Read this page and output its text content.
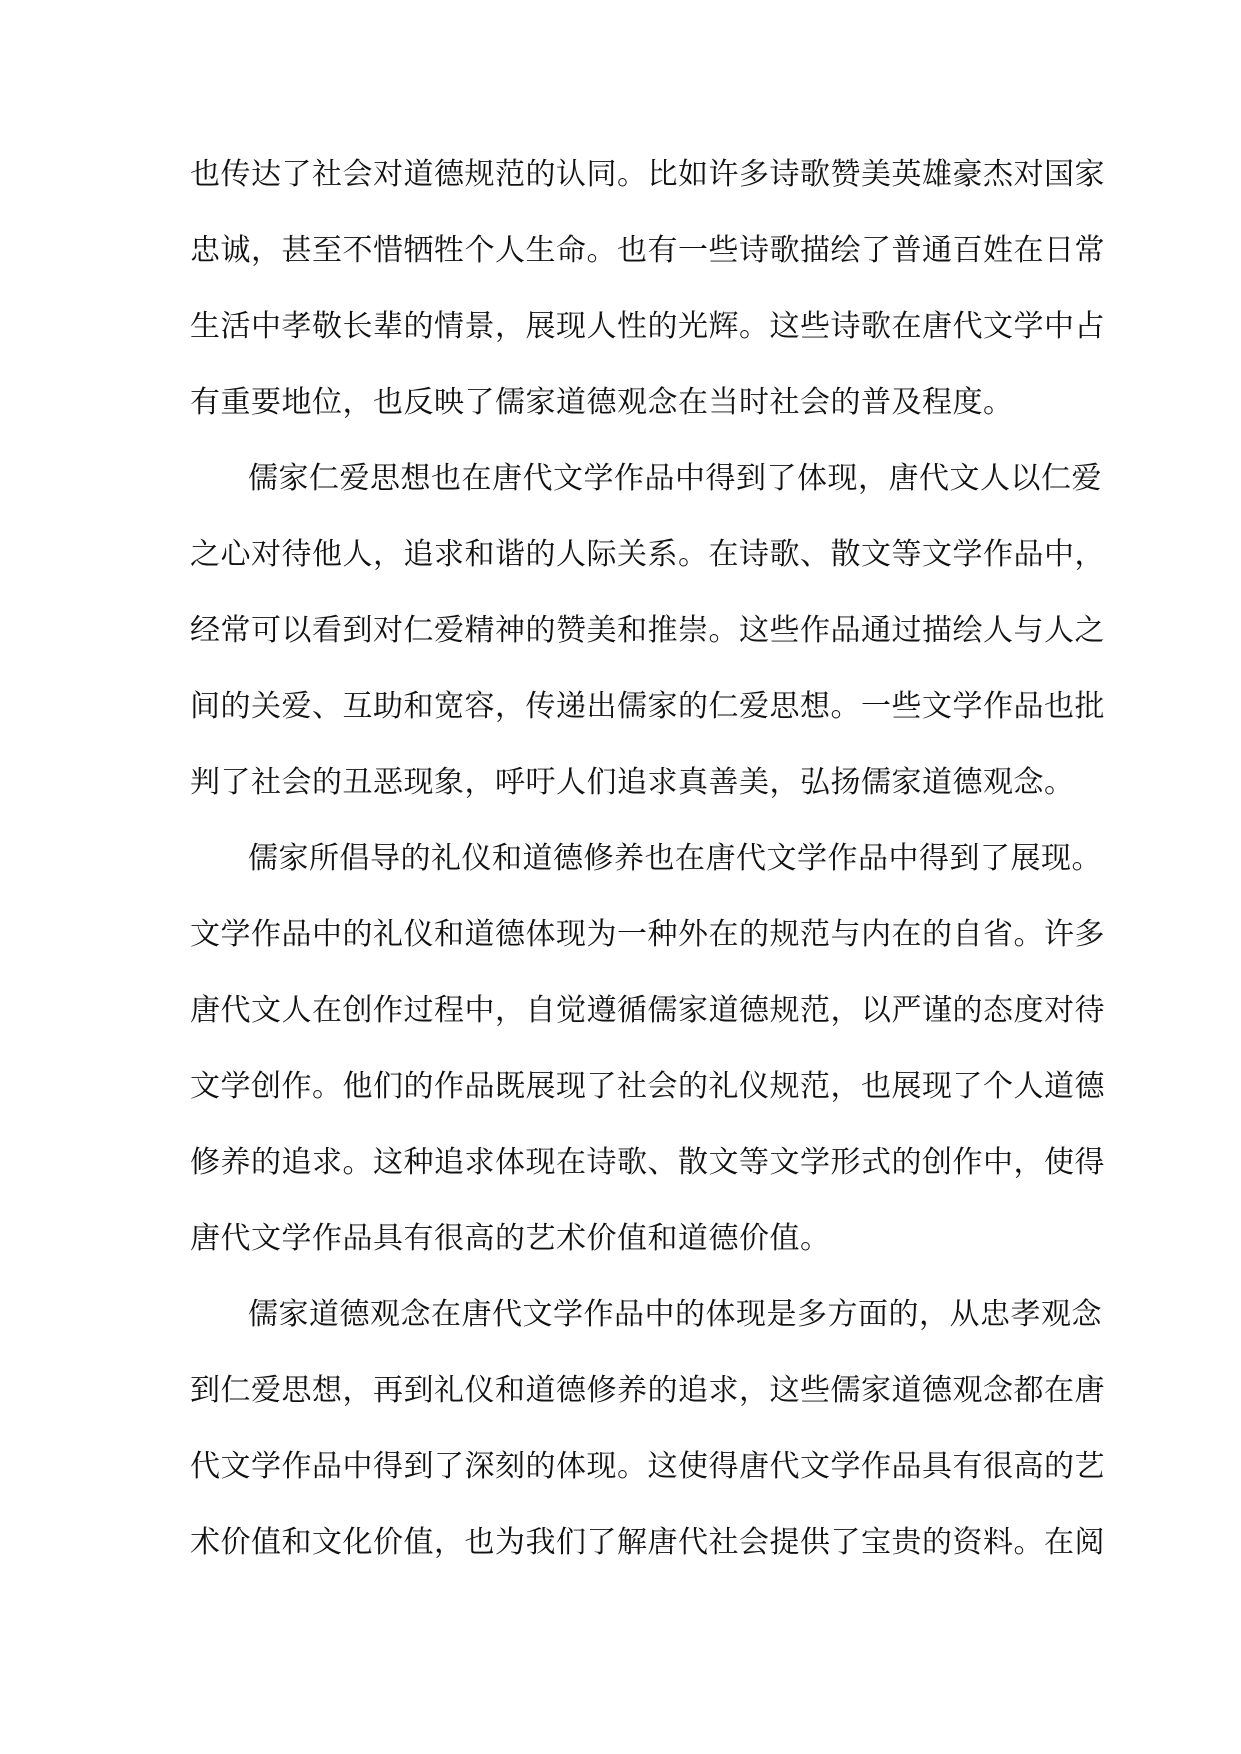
也传达了社会对道德规范的认同。比如许多诗歌赞美英雄豪杰对国家
忠诚，甚至不惜牺牲个人生命。也有一些诗歌描绘了普通百姓在日常
生活中孝敬长辈的情景，展现人性的光辉。这些诗歌在唐代文学中占
有重要地位，也反映了儒家道德观念在当时社会的普及程度。
儒家仁爱思想也在唐代文学作品中得到了体现，唐代文人以仁爱
之心对待他人，追求和谐的人际关系。在诗歌、散文等文学作品中，
经常可以看到对仁爱精神的赞美和推崇。这些作品通过描绘人与人之
间的关爱、互助和宽容，传递出儒家的仁爱思想。一些文学作品也批
判了社会的丑恶现象，呼吁人们追求真善美，弘扬儒家道德观念。
儒家所倡导的礼仪和道德修养也在唐代文学作品中得到了展现。
文学作品中的礼仪和道德体现为一种外在的规范与内在的自省。许多
唐代文人在创作过程中，自觉遵循儒家道德规范，以严谨的态度对待
文学创作。他们的作品既展现了社会的礼仪规范，也展现了个人道德
修养的追求。这种追求体现在诗歌、散文等文学形式的创作中，使得
唐代文学作品具有很高的艺术价值和道德价值。
儒家道德观念在唐代文学作品中的体现是多方面的，从忠孝观念
到仁爱思想，再到礼仪和道德修养的追求，这些儒家道德观念都在唐
代文学作品中得到了深刻的体现。这使得唐代文学作品具有很高的艺
术价值和文化价值，也为我们了解唐代社会提供了宝贵的资料。在阅
